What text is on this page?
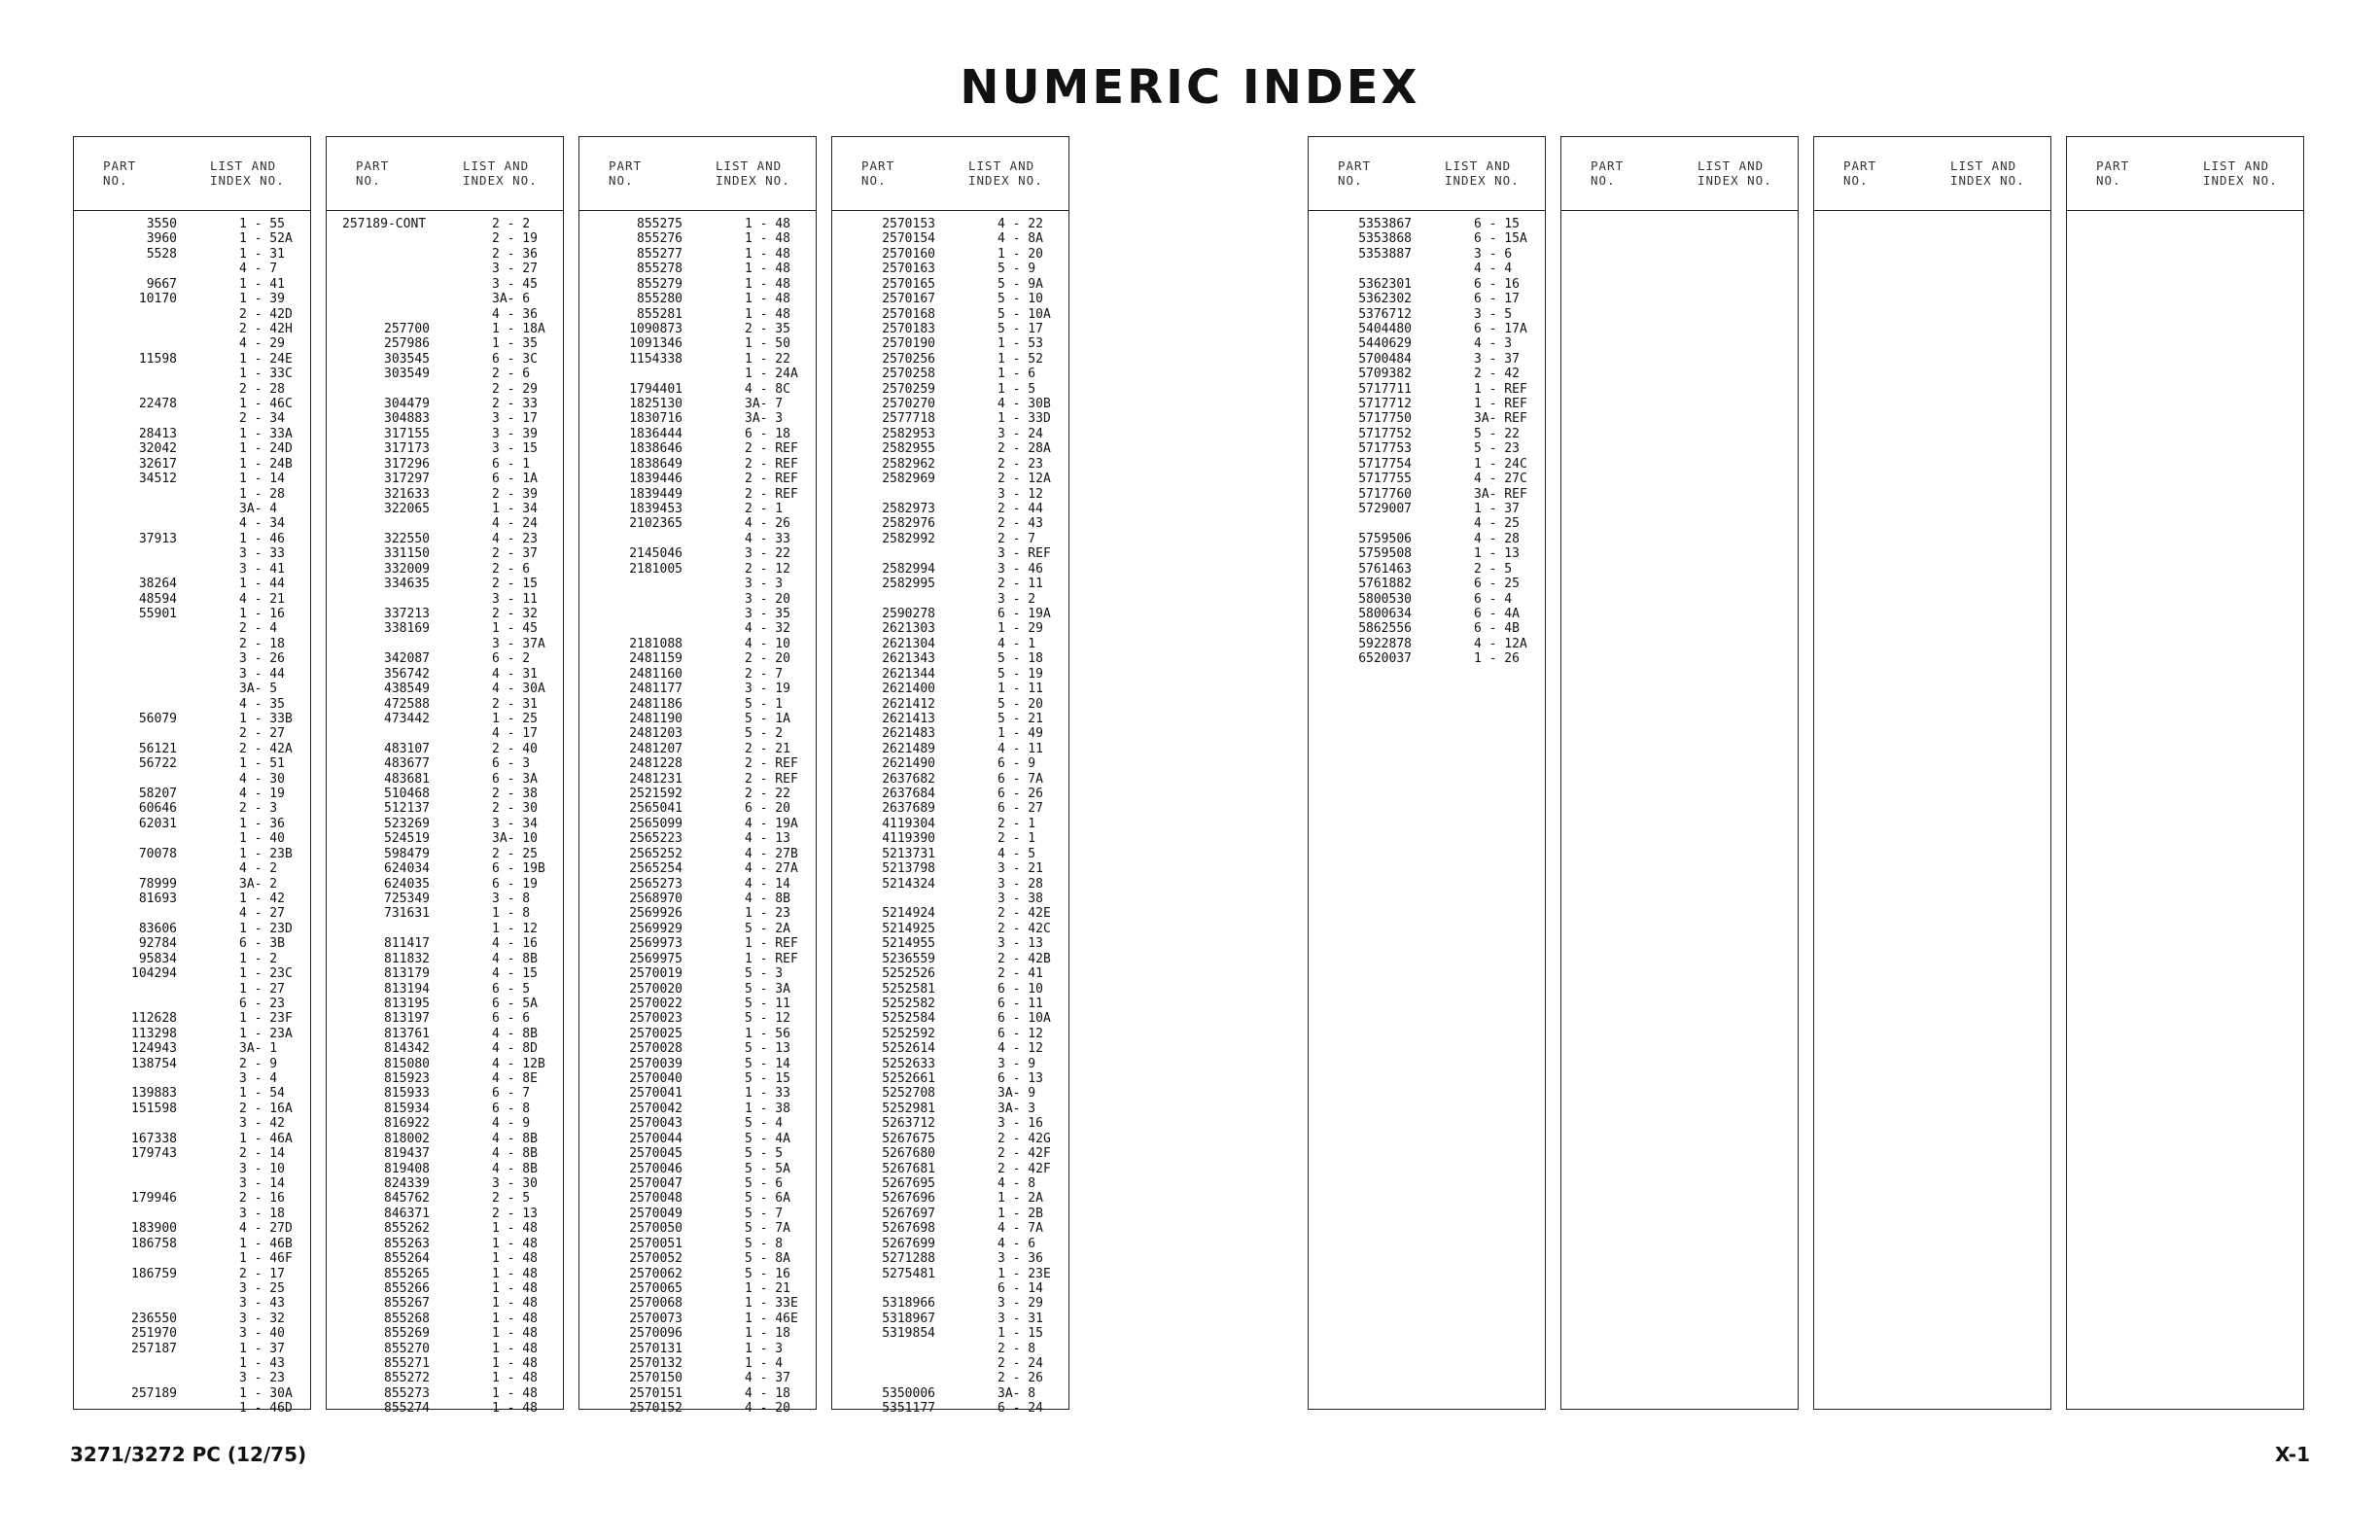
NUMERIC INDEX
PART
NO.
LIST AND
INDEX NO.
3550	1 - 55
3960	1 - 52A
5528	1 - 31
4 - 7
9667	1 - 41
10170	1 - 39
2 - 42D
2 - 42H
4 - 29
11598	1 - 24E
1 - 33C
2 - 28
22478	1 - 46C
2 - 34
28413	1 - 33A
32042	1 - 24D
32617	1 - 24B
34512	1 - 14
1 - 28
3A- 4
4 - 34
37913	1 - 46
3 - 33
3 - 41
38264	1 - 44
48594	4 - 21
55901	1 - 16
2 - 4
2 - 18
3 - 26
3 - 44
3A- 5
4 - 35
56079	1 - 33B
2 - 27
56121	2 - 42A
56722	1 - 51
4 - 30
58207	4 - 19
60646	2 - 3
62031	1 - 36
1 - 40
70078	1 - 23B
4 - 2
78999	3A- 2
81693	1 - 42
4 - 27
83606	1 - 23D
92784	6 - 3B
95834	1 - 2
104294	1 - 23C
1 - 27
6 - 23
112628	1 - 23F
113298	1 - 23A
124943	3A- 1
138754	2 - 9
3 - 4
139883	1 - 54
151598	2 - 16A
3 - 42
167338	1 - 46A
179743	2 - 14
3 - 10
3 - 14
179946	2 - 16
3 - 18
183900	4 - 27D
186758	1 - 46B
1 - 46F
186759	2 - 17
3 - 25
3 - 43
236550	3 - 32
251970	3 - 40
257187	1 - 37
1 - 43
3 - 23
257189	1 - 30A
1 - 46D
PART
NO.
LIST AND
INDEX NO.
257189-CONT	2 - 2
2 - 19
2 - 36
3 - 27
3 - 45
3A- 6
4 - 36
257700	1 - 18A
257986	1 - 35
303545	6 - 3C
303549	2 - 6
2 - 29
304479	2 - 33
304883	3 - 17
317155	3 - 39
317173	3 - 15
317296	6 - 1
317297	6 - 1A
321633	2 - 39
322065	1 - 34
4 - 24
322550	4 - 23
331150	2 - 37
332009	2 - 6
334635	2 - 15
3 - 11
337213	2 - 32
338169	1 - 45
3 - 37A
342087	6 - 2
356742	4 - 31
438549	4 - 30A
472588	2 - 31
473442	1 - 25
4 - 17
483107	2 - 40
483677	6 - 3
483681	6 - 3A
510468	2 - 38
512137	2 - 30
523269	3 - 34
524519	3A- 10
598479	2 - 25
624034	6 - 19B
624035	6 - 19
725349	3 - 8
731631	1 - 8
1 - 12
811417	4 - 16
811832	4 - 8B
813179	4 - 15
813194	6 - 5
813195	6 - 5A
813197	6 - 6
813761	4 - 8B
814342	4 - 8D
815080	4 - 12B
815923	4 - 8E
815933	6 - 7
815934	6 - 8
816922	4 - 9
818002	4 - 8B
819437	4 - 8B
819408	4 - 8B
824339	3 - 30
845762	2 - 5
846371	2 - 13
855262	1 - 48
855263	1 - 48
855264	1 - 48
855265	1 - 48
855266	1 - 48
855267	1 - 48
855268	1 - 48
855269	1 - 48
855270	1 - 48
855271	1 - 48
855272	1 - 48
855273	1 - 48
855274	1 - 48
PART
NO.
LIST AND
INDEX NO.
855275	1 - 48
855276	1 - 48
855277	1 - 48
855278	1 - 48
855279	1 - 48
855280	1 - 48
855281	1 - 48
1090873	2 - 35
1091346	1 - 50
1154338	1 - 22
1 - 24A
1794401	4 - 8C
1825130	3A- 7
1830716	3A- 3
1836444	6 - 18
1838646	2 - REF
1838649	2 - REF
1839446	2 - REF
1839449	2 - REF
1839453	2 - 1
2102365	4 - 26
4 - 33
2145046	3 - 22
2181005	2 - 12
3 - 3
3 - 20
3 - 35
4 - 32
2181088	4 - 10
2481159	2 - 20
2481160	2 - 7
2481177	3 - 19
2481186	5 - 1
2481190	5 - 1A
2481203	5 - 2
2481207	2 - 21
2481228	2 - REF
2481231	2 - REF
2521592	2 - 22
2565041	6 - 20
2565099	4 - 19A
2565223	4 - 13
2565252	4 - 27B
2565254	4 - 27A
2565273	4 - 14
2568970	4 - 8B
2569926	1 - 23
2569929	5 - 2A
2569973	1 - REF
2569975	1 - REF
2570019	5 - 3
2570020	5 - 3A
2570022	5 - 11
2570023	5 - 12
2570025	1 - 56
2570028	5 - 13
2570039	5 - 14
2570040	5 - 15
2570041	1 - 33
2570042	1 - 38
2570043	5 - 4
2570044	5 - 4A
2570045	5 - 5
2570046	5 - 5A
2570047	5 - 6
2570048	5 - 6A
2570049	5 - 7
2570050	5 - 7A
2570051	5 - 8
2570052	5 - 8A
2570062	5 - 16
2570065	1 - 21
2570068	1 - 33E
2570073	1 - 46E
2570096	1 - 18
2570131	1 - 3
2570132	1 - 4
2570150	4 - 37
2570151	4 - 18
2570152	4 - 20
PART
NO.
LIST AND
INDEX NO.
2570153	4 - 22
2570154	4 - 8A
2570160	1 - 20
2570163	5 - 9
2570165	5 - 9A
2570167	5 - 10
2570168	5 - 10A
2570183	5 - 17
2570190	1 - 53
2570256	1 - 52
2570258	1 - 6
2570259	1 - 5
2570270	4 - 30B
2577718	1 - 33D
2582953	3 - 24
2582955	2 - 28A
2582962	2 - 23
2582969	2 - 12A
3 - 12
2582973	2 - 44
2582976	2 - 43
2582992	2 - 7
3 - REF
2582994	3 - 46
2582995	2 - 11
3 - 2
2590278	6 - 19A
2621303	1 - 29
2621304	4 - 1
2621343	5 - 18
2621344	5 - 19
2621400	1 - 11
2621412	5 - 20
2621413	5 - 21
2621483	1 - 49
2621489	4 - 11
2621490	6 - 9
2637682	6 - 7A
2637684	6 - 26
2637689	6 - 27
4119304	2 - 1
4119390	2 - 1
5213731	4 - 5
5213798	3 - 21
5214324	3 - 28
3 - 38
5214924	2 - 42E
5214925	2 - 42C
5214955	3 - 13
5236559	2 - 42B
5252526	2 - 41
5252581	6 - 10
5252582	6 - 11
5252584	6 - 10A
5252592	6 - 12
5252614	4 - 12
5252633	3 - 9
5252661	6 - 13
5252708	3A- 9
5252981	3A- 3
5263712	3 - 16
5267675	2 - 42G
5267680	2 - 42F
5267681	2 - 42F
5267695	4 - 8
5267696	1 - 2A
5267697	1 - 2B
5267698	4 - 7A
5267699	4 - 6
5271288	3 - 36
5275481	1 - 23E
6 - 14
5318966	3 - 29
5318967	3 - 31
5319854	1 - 15
2 - 8
2 - 24
2 - 26
5350006	3A- 8
5351177	6 - 24
PART
NO.
LIST AND
INDEX NO.
5353867	6 - 15
5353868	6 - 15A
5353887	3 - 6
4 - 4
5362301	6 - 16
5362302	6 - 17
5376712	3 - 5
5404480	6 - 17A
5440629	4 - 3
5700484	3 - 37
5709382	2 - 42
5717711	1 - REF
5717712	1 - REF
5717750	3A- REF
5717752	5 - 22
5717753	5 - 23
5717754	1 - 24C
5717755	4 - 27C
5717760	3A- REF
5729007	1 - 37
4 - 25
5759506	4 - 28
5759508	1 - 13
5761463	2 - 5
5761882	6 - 25
5800530	6 - 4
5800634	6 - 4A
5862556	6 - 4B
5922878	4 - 12A
6520037	1 - 26
PART
NO.
LIST AND
INDEX NO.
PART
NO.
LIST AND
INDEX NO.
PART
NO.
LIST AND
INDEX NO.
3271/3272 PC (12/75)	X-1
